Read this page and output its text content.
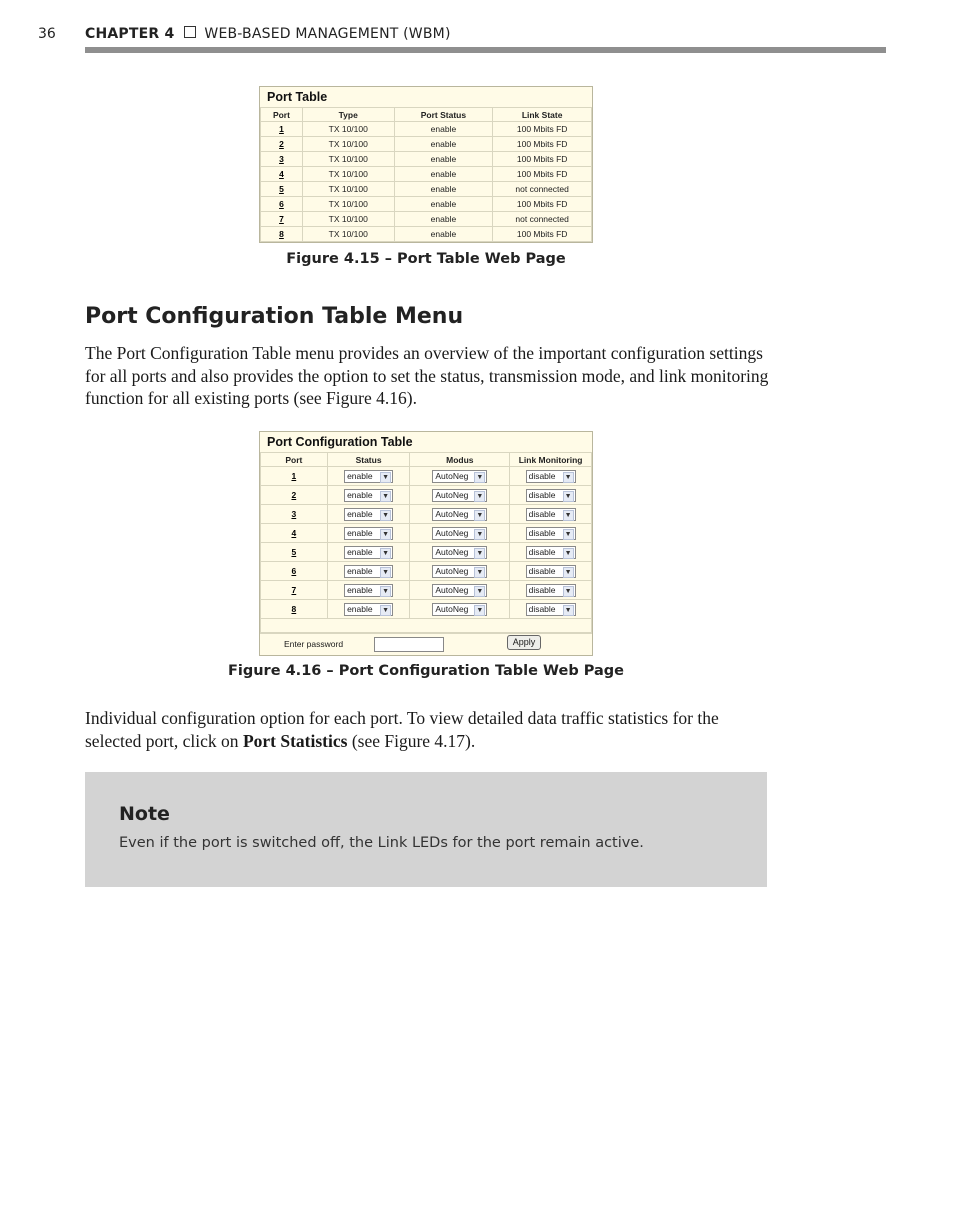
36 CHAPTER 4 WEB-BASED MANAGEMENT (WBM)
Port Table
Port	Type	Port Status	Link State
1	TX 10/100	enable	100 Mbits FD
2	TX 10/100	enable	100 Mbits FD
3	TX 10/100	enable	100 Mbits FD
4	TX 10/100	enable	100 Mbits FD
5	TX 10/100	enable	not connected
6	TX 10/100	enable	100 Mbits FD
7	TX 10/100	enable	not connected
8	TX 10/100	enable	100 Mbits FD
Figure 4.15 – Port Table Web Page
Port Configuration Table Menu
The Port Configuration Table menu provides an overview of the important configuration settings for all ports and also provides the option to set the status, transmission mode, and link monitoring function for all existing ports (see Figure 4.16).
Port Configuration Table
Port	Status	Modus	Link Monitoring
1	enable ▼	AutoNeg ▼	disable ▼

2	enable ▼	AutoNeg ▼	disable ▼

3	enable ▼	AutoNeg ▼	disable ▼

4	enable ▼	AutoNeg ▼	disable ▼

5	enable ▼	AutoNeg ▼	disable ▼

6	enable ▼	AutoNeg ▼	disable ▼

7	enable ▼	AutoNeg ▼	disable ▼

8	enable ▼	AutoNeg ▼	disable ▼

Enter password	Apply
Figure 4.16 – Port Configuration Table Web Page
Individual configuration option for each port. To view detailed data traffic statistics for the selected port, click on Port Statistics (see Figure 4.17).
Note
Even if the port is switched off, the Link LEDs for the port remain active.
